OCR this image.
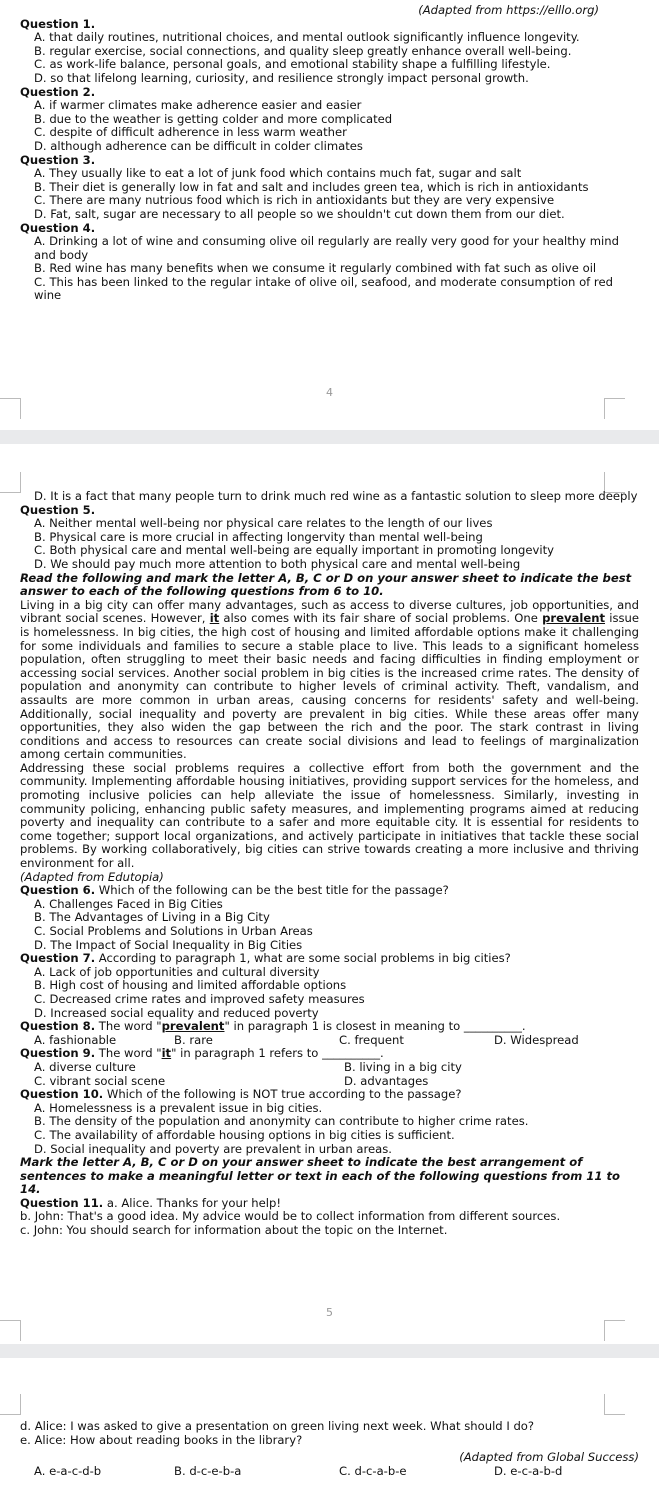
(Adapted from https://elllo.org)
Question 1.
A. that daily routines, nutritional choices, and mental outlook significantly influence longevity.
B. regular exercise, social connections, and quality sleep greatly enhance overall well-being.
C. as work-life balance, personal goals, and emotional stability shape a fulfilling lifestyle.
D. so that lifelong learning, curiosity, and resilience strongly impact personal growth.
Question 2.
A. if warmer climates make adherence easier and easier
B. due to the weather is getting colder and more complicated
C. despite of difficult adherence in less warm weather
D. although adherence can be difficult in colder climates
Question 3.
A. They usually like to eat a lot of junk food which contains much fat, sugar and salt
B. Their diet is generally low in fat and salt and includes green tea, which is rich in antioxidants
C. There are many nutrious food which is rich in antioxidants but they are very expensive
D. Fat, salt, sugar are necessary to all people so we shouldn't cut down them from our diet.
Question 4.
A. Drinking a lot of wine and consuming olive oil regularly are really very good for your healthy mind and body
B. Red wine has many benefits when we consume it regularly combined with fat such as olive oil
C. This has been linked to the regular intake of olive oil, seafood, and moderate consumption of red wine
4
D. It is a fact that many people turn to drink much red wine as a fantastic solution to sleep more deeply
Question 5.
A. Neither mental well-being nor physical care relates to the length of our lives
B. Physical care is more crucial in affecting longervity than mental well-being
C. Both physical care and mental well-being are equally important in promoting longevity
D. We should pay much more attention to both physical care and mental well-being
Read the following and mark the letter A, B, C or D on your answer sheet to indicate the best answer to each of the following questions from 6 to 10.
Living in a big city can offer many advantages, such as access to diverse cultures, job opportunities, and vibrant social scenes. However, it also comes with its fair share of social problems. One prevalent issue is homelessness. In big cities, the high cost of housing and limited affordable options make it challenging for some individuals and families to secure a stable place to live. This leads to a significant homeless population, often struggling to meet their basic needs and facing difficulties in finding employment or accessing social services. Another social problem in big cities is the increased crime rates. The density of population and anonymity can contribute to higher levels of criminal activity. Theft, vandalism, and assaults are more common in urban areas, causing concerns for residents' safety and well-being. Additionally, social inequality and poverty are prevalent in big cities. While these areas offer many opportunities, they also widen the gap between the rich and the poor. The stark contrast in living conditions and access to resources can create social divisions and lead to feelings of marginalization among certain communities.
Addressing these social problems requires a collective effort from both the government and the community. Implementing affordable housing initiatives, providing support services for the homeless, and promoting inclusive policies can help alleviate the issue of homelessness. Similarly, investing in community policing, enhancing public safety measures, and implementing programs aimed at reducing poverty and inequality can contribute to a safer and more equitable city. It is essential for residents to come together; support local organizations, and actively participate in initiatives that tackle these social problems. By working collaboratively, big cities can strive towards creating a more inclusive and thriving environment for all.
(Adapted from Edutopia)
Question 6. Which of the following can be the best title for the passage?
A. Challenges Faced in Big Cities
B. The Advantages of Living in a Big City
C. Social Problems and Solutions in Urban Areas
D. The Impact of Social Inequality in Big Cities
Question 7. According to paragraph 1, what are some social problems in big cities?
A. Lack of job opportunities and cultural diversity
B. High cost of housing and limited affordable options
C. Decreased crime rates and improved safety measures
D. Increased social equality and reduced poverty
Question 8. The word "prevalent" in paragraph 1 is closest in meaning to __________.
A. fashionable	B. rare	C. frequent	D. Widespread
Question 9. The word "it" in paragraph 1 refers to __________.
A. diverse culture	B. living in a big city
C. vibrant social scene	D. advantages
Question 10. Which of the following is NOT true according to the passage?
A. Homelessness is a prevalent issue in big cities.
B. The density of the population and anonymity can contribute to higher crime rates.
C. The availability of affordable housing options in big cities is sufficient.
D. Social inequality and poverty are prevalent in urban areas.
Mark the letter A, B, C or D on your answer sheet to indicate the best arrangement of sentences to make a meaningful letter or text in each of the following questions from 11 to 14.
Question 11. a. Alice. Thanks for your help!
b. John: That's a good idea. My advice would be to collect information from different sources.
c. John: You should search for information about the topic on the Internet.
5
d. Alice: I was asked to give a presentation on green living next week. What should I do?
e. Alice: How about reading books in the library?
(Adapted from Global Success)
A. e-a-c-d-b	B. d-c-e-b-a	C. d-c-a-b-e	D. e-c-a-b-d
